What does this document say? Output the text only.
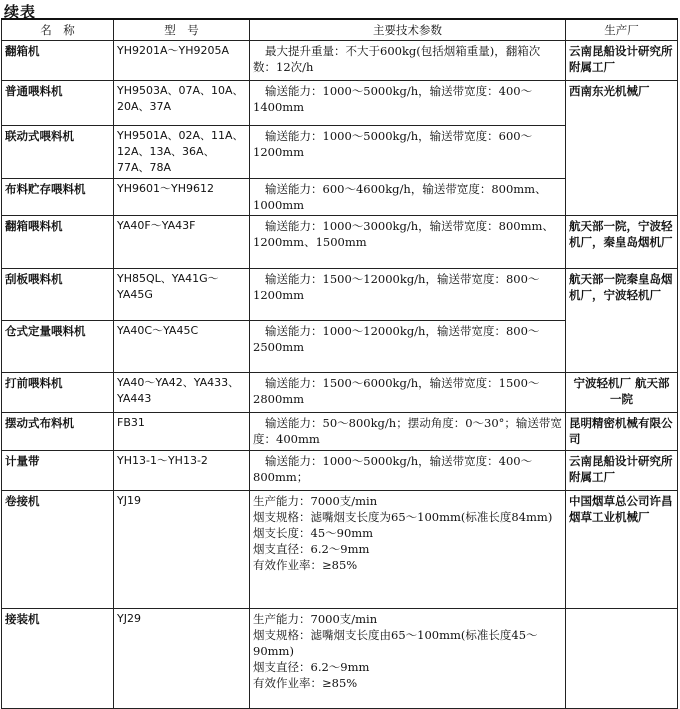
续表
名　称	型　号	主要技术参数	生产厂
翻箱机	YH9201A～YH9205A	最大提升重量：不大于600kg(包括烟箱重量)，翻箱次
数：12次/h	云南昆船设计研究所附属工厂
普通喂料机	YH9503A、07A、10A、20A、37A	输送能力：1000～5000kg/h，输送带宽度：400～
1400mm	西南东光机械厂
联动式喂料机	YH9501A、02A、11A、12A、13A、36A、77A、78A	输送能力：1000～5000kg/h，输送带宽度：600～
1200mm	

布料贮存喂料机	YH9601～YH9612	输送能力：600～4600kg/h，输送带宽度：800mm、
1000mm	

翻箱喂料机	YA40F～YA43F	输送能力：1000～3000kg/h，输送带宽度：800mm、
1200mm、1500mm	航天部一院，宁波轻机厂，秦皇岛烟机厂
刮板喂料机	YH85QL、YA41G～YA45G	输送能力：1500～12000kg/h，输送带宽度：800～
1200mm	航天部一院秦皇岛烟机厂，宁波轻机厂
仓式定量喂料机	YA40C～YA45C	输送能力：1000～12000kg/h，输送带宽度：800～
2500mm	

打前喂料机	YA40～YA42、YA433、YA443	输送能力：1500～6000kg/h，输送带宽度：1500～
2800mm	宁波轻机厂 航天部一院
摆动式布料机	FB31	输送能力：50～800kg/h；摆动角度：0～30°；输送带宽
度：400mm	昆明精密机械有限公司
计量带	YH13-1～YH13-2	输送能力：1000～5000kg/h，输送带宽度：400～
800mm；	云南昆船设计研究所附属工厂
卷接机	YJ19	生产能力：7000支/min
烟支规格：滤嘴烟支长度为65～100mm(标准长度84mm)
烟支长度：45～90mm
烟支直径：6.2～9mm
有效作业率：≥85%	中国烟草总公司许昌烟草工业机械厂
接装机	YJ29	生产能力：7000支/min
烟支规格：滤嘴烟支长度由65～100mm(标准长度45～90mm)
烟支直径：6.2～9mm
有效作业率：≥85%	
